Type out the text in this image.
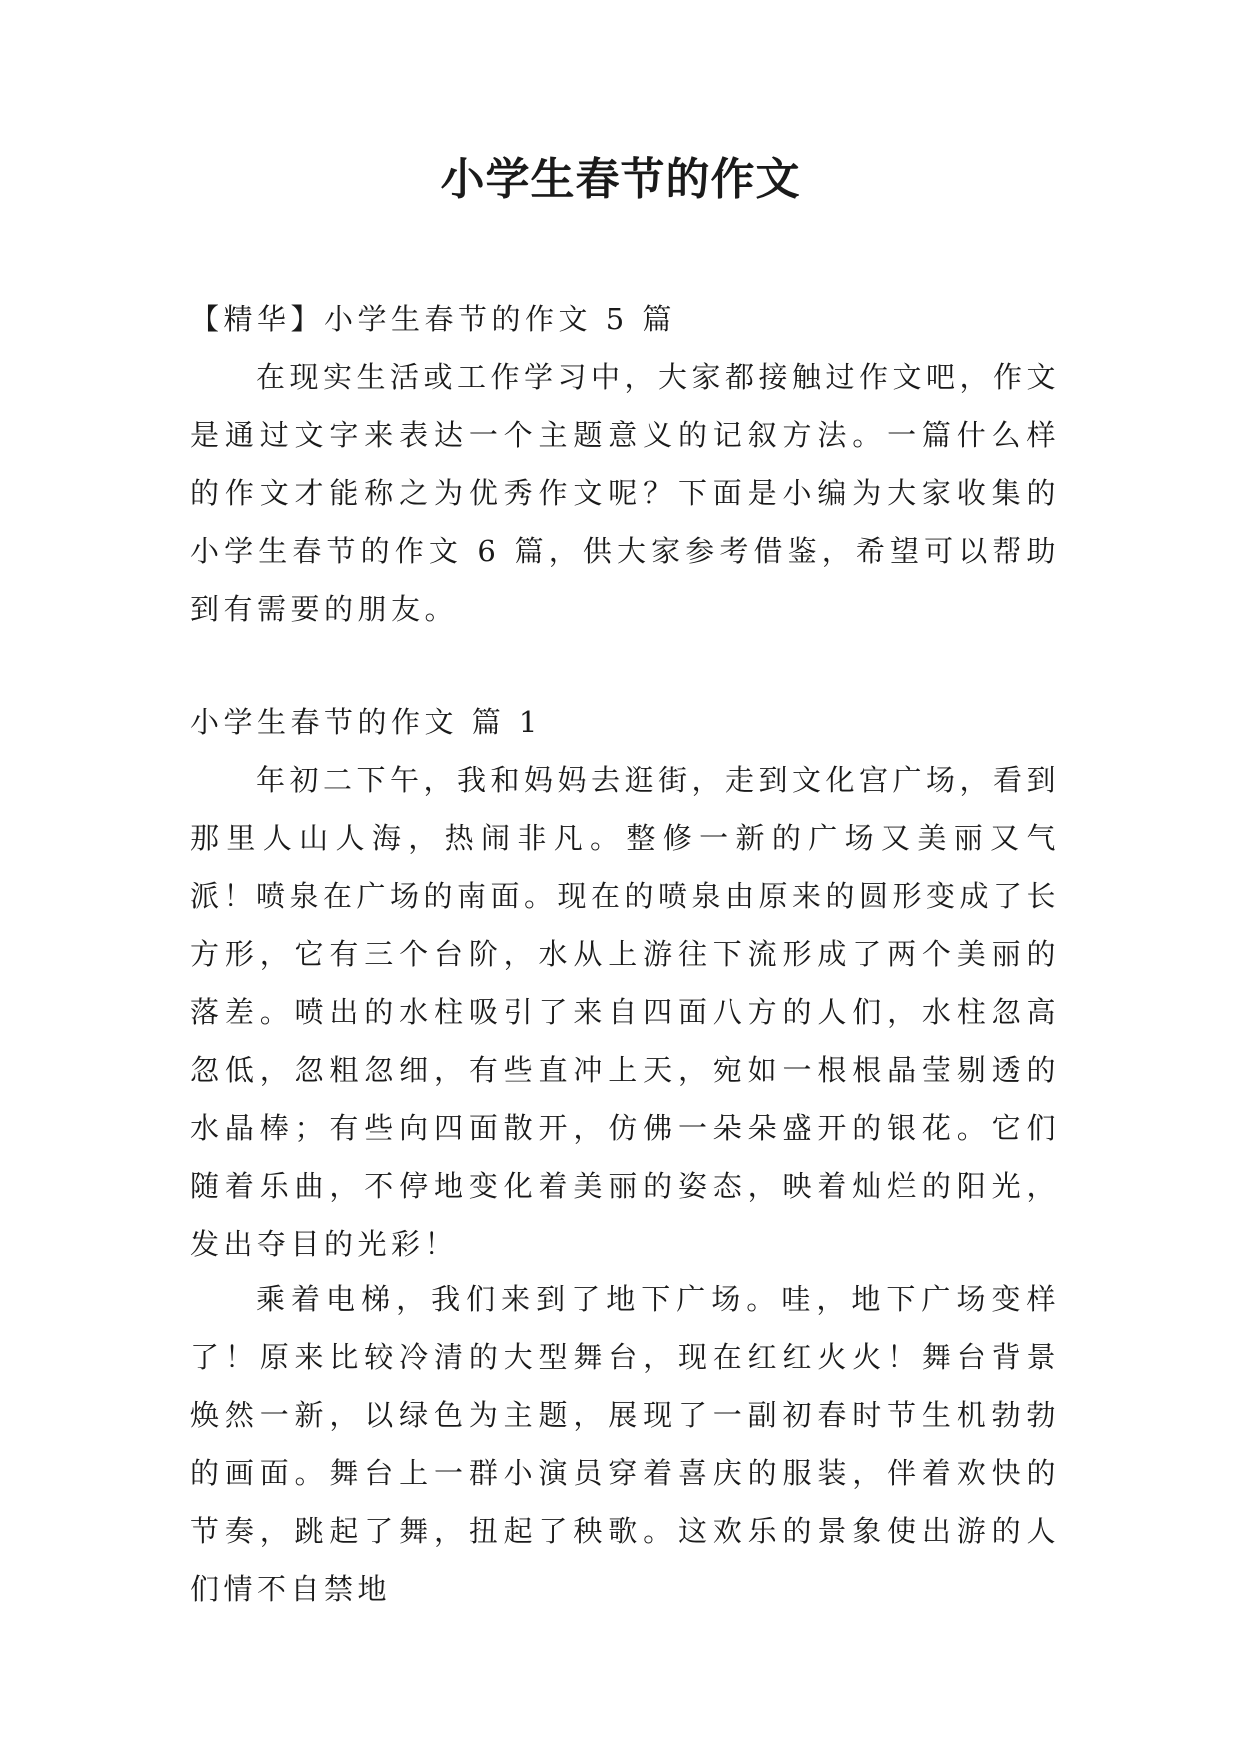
小学生春节的作文

【精华】小学生春节的作文 5 篇

在现实生活或工作学习中，大家都接触过作文吧，作文是通过文字来表达一个主题意义的记叙方法。一篇什么样的作文才能称之为优秀作文呢？下面是小编为大家收集的小学生春节的作文 6 篇，供大家参考借鉴，希望可以帮助到有需要的朋友。

小学生春节的作文 篇 1

年初二下午，我和妈妈去逛街，走到文化宫广场，看到那里人山人海，热闹非凡。整修一新的广场又美丽又气派！

喷泉在广场的南面。现在的喷泉由原来的圆形变成了长方形，它有三个台阶，水从上游往下流形成了两个美丽的落差。喷出的水柱吸引了来自四面八方的人们，水柱忽高忽低，忽粗忽细，有些直冲上天，宛如一根根晶莹剔透的水晶棒；有些向四面散开，仿佛一朵朵盛开的银花。它们随着乐曲，不停地变化着美丽的姿态，映着灿烂的阳光，发出夺目的光彩！

乘着电梯，我们来到了地下广场。哇，地下广场变样了！原来比较冷清的大型舞台，现在红红火火！舞台背景焕然一新，以绿色为主题，展现了一副初春时节生机勃勃的画面。舞台上一群小演员穿着喜庆的服装，伴着欢快的节奏，跳起了舞，扭起了秧歌。这欢乐的景象使出游的人们情不自禁地
